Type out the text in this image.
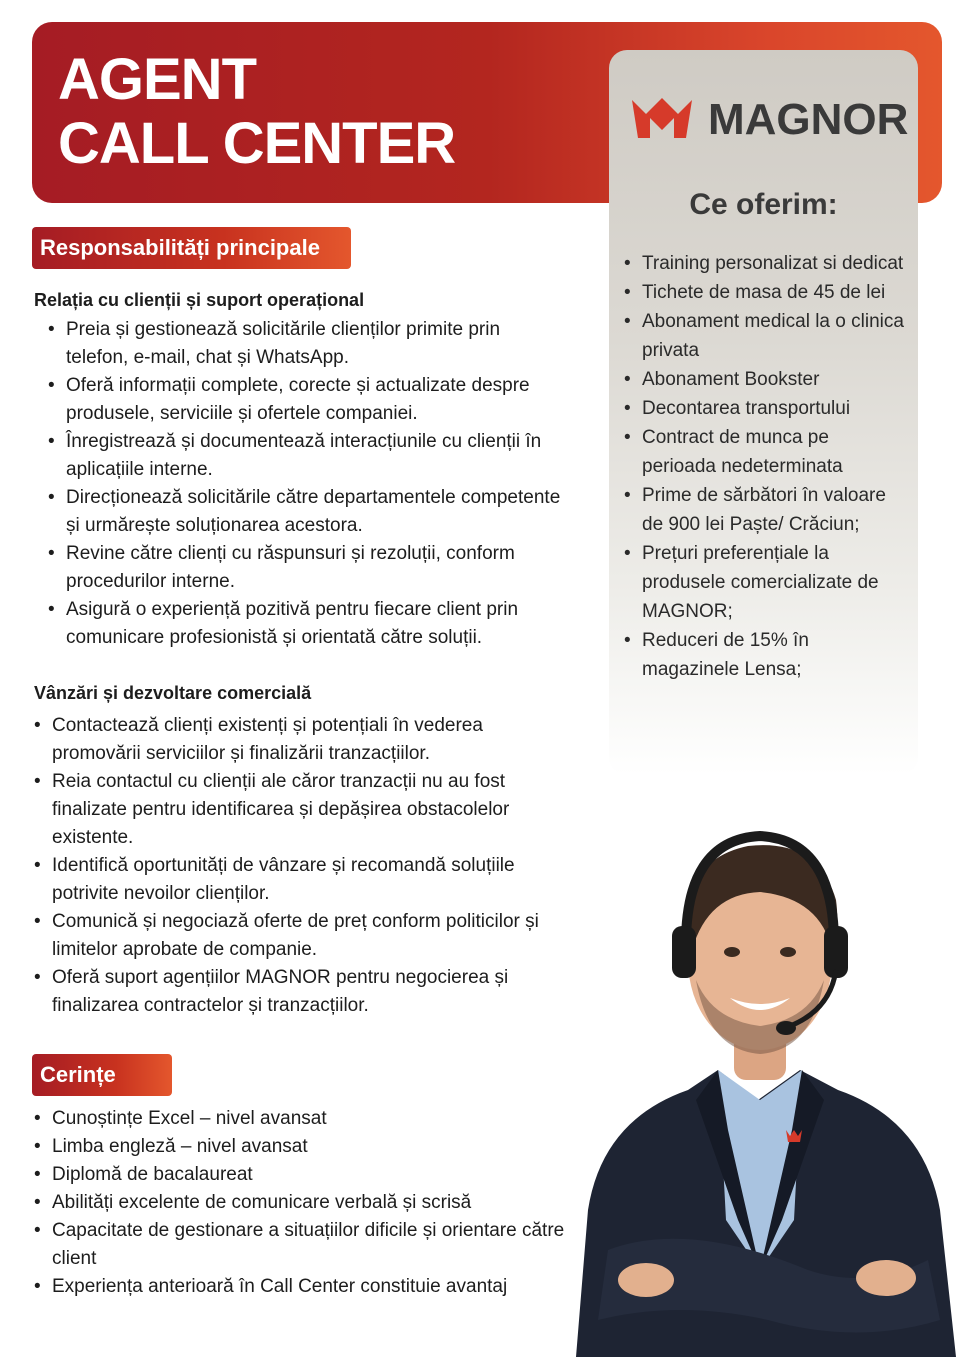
AGENT
CALL CENTER	MAGNOR
Ce oferim:
• Training personalizat si dedicat
• Tichete de masa de 45 de lei
• Abonament medical la o clinica privata
• Abonament Bookster
• Decontarea transportului
• Contract de munca pe perioada nedeterminata
• Prime de sărbători în valoare de 900 lei Paște/ Crăciun;
• Prețuri preferențiale la produsele comercializate de MAGNOR;
• Reduceri de 15% în magazinele Lensa;
Responsabilități principale
Relația cu clienții și suport operațional
• Preia și gestionează solicitările clienților primite prin telefon, e-mail, chat și WhatsApp.
• Oferă informații complete, corecte și actualizate despre produsele, serviciile și ofertele companiei.
• Înregistrează și documentează interacțiunile cu clienții în aplicațiile interne.
• Direcționează solicitările către departamentele competente și urmărește soluționarea acestora.
• Revine către clienți cu răspunsuri și rezoluții, conform procedurilor interne.
• Asigură o experiență pozitivă pentru fiecare client prin comunicare profesionistă și orientată către soluții.
Vânzări și dezvoltare comercială
• Contactează clienți existenți și potențiali în vederea promovării serviciilor și finalizării tranzacțiilor.
• Reia contactul cu clienții ale căror tranzacții nu au fost finalizate pentru identificarea și depășirea obstacolelor existente.
• Identifică oportunități de vânzare și recomandă soluțiile potrivite nevoilor clienților.
• Comunică și negociază oferte de preț conform politicilor și limitelor aprobate de companie.
• Oferă suport agențiilor MAGNOR pentru negocierea și finalizarea contractelor și tranzacțiilor.
Cerințe
• Cunoștințe Excel – nivel avansat
• Limba engleză – nivel avansat
• Diplomă de bacalaureat
• Abilități excelente de comunicare verbală și scrisă
• Capacitate de gestionare a situațiilor dificile și orientare către client
• Experiența anterioară în Call Center constituie avantaj
